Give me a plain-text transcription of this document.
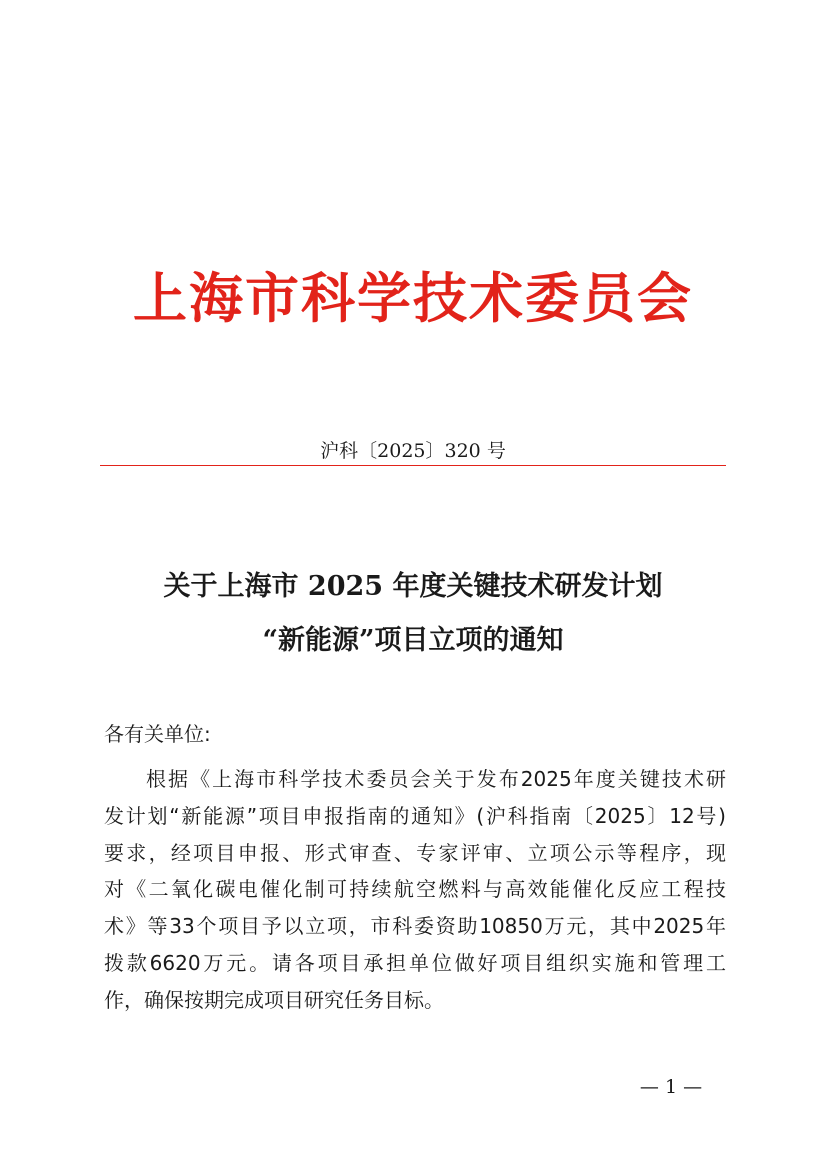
上海市科学技术委员会
沪科〔2025〕320 号
关于上海市 2025 年度关键技术研发计划
“新能源”项目立项的通知
各有关单位:
根据《上海市科学技术委员会关于发布2025年度关键技术研
发计划“新能源”项目申报指南的通知》(沪科指南〔2025〕12号)
要求，经项目申报、形式审查、专家评审、立项公示等程序，现
对《二氧化碳电催化制可持续航空燃料与高效能催化反应工程技
术》等33个项目予以立项，市科委资助10850万元，其中2025年
拨款6620万元。请各项目承担单位做好项目组织实施和管理工
作，确保按期完成项目研究任务目标。
— 1 —
